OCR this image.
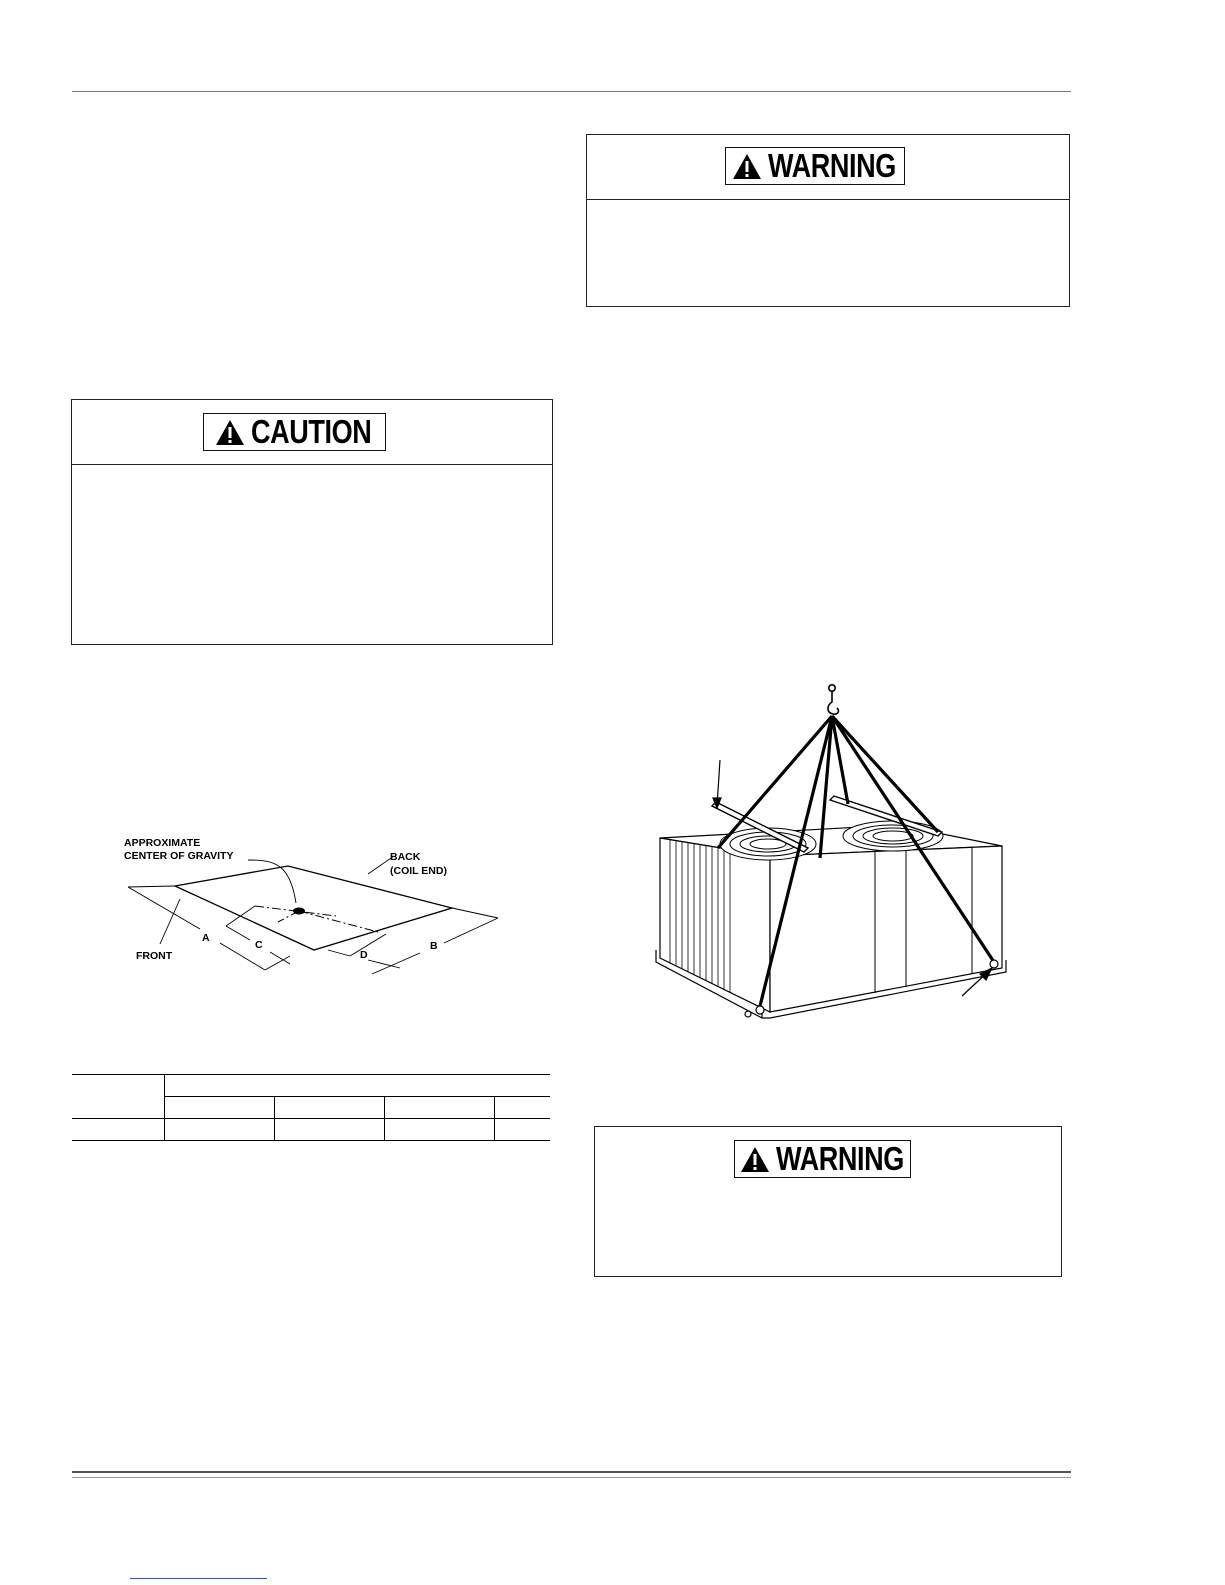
WARNING
CAUTION
APPROXIMATE
CENTER OF GRAVITY	BACK
(COIL END)
FRONT
A
B
C
D

WARNING
